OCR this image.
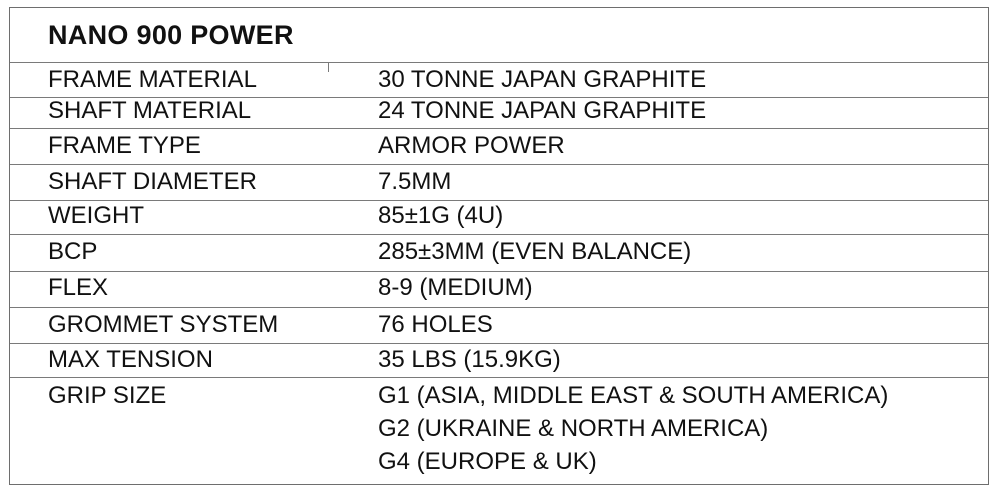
NANO 900 POWER
FRAME MATERIAL	30 TONNE JAPAN GRAPHITE
SHAFT MATERIAL	24 TONNE JAPAN GRAPHITE
FRAME TYPE	ARMOR POWER
SHAFT DIAMETER	7.5MM
WEIGHT	85±1G (4U)
BCP	285±3MM (EVEN BALANCE)
FLEX	8-9 (MEDIUM)
GROMMET SYSTEM	76 HOLES
MAX TENSION	35 LBS (15.9KG)
GRIP SIZE	G1 (ASIA, MIDDLE EAST & SOUTH AMERICA)
G2 (UKRAINE & NORTH AMERICA)
G4 (EUROPE & UK)
